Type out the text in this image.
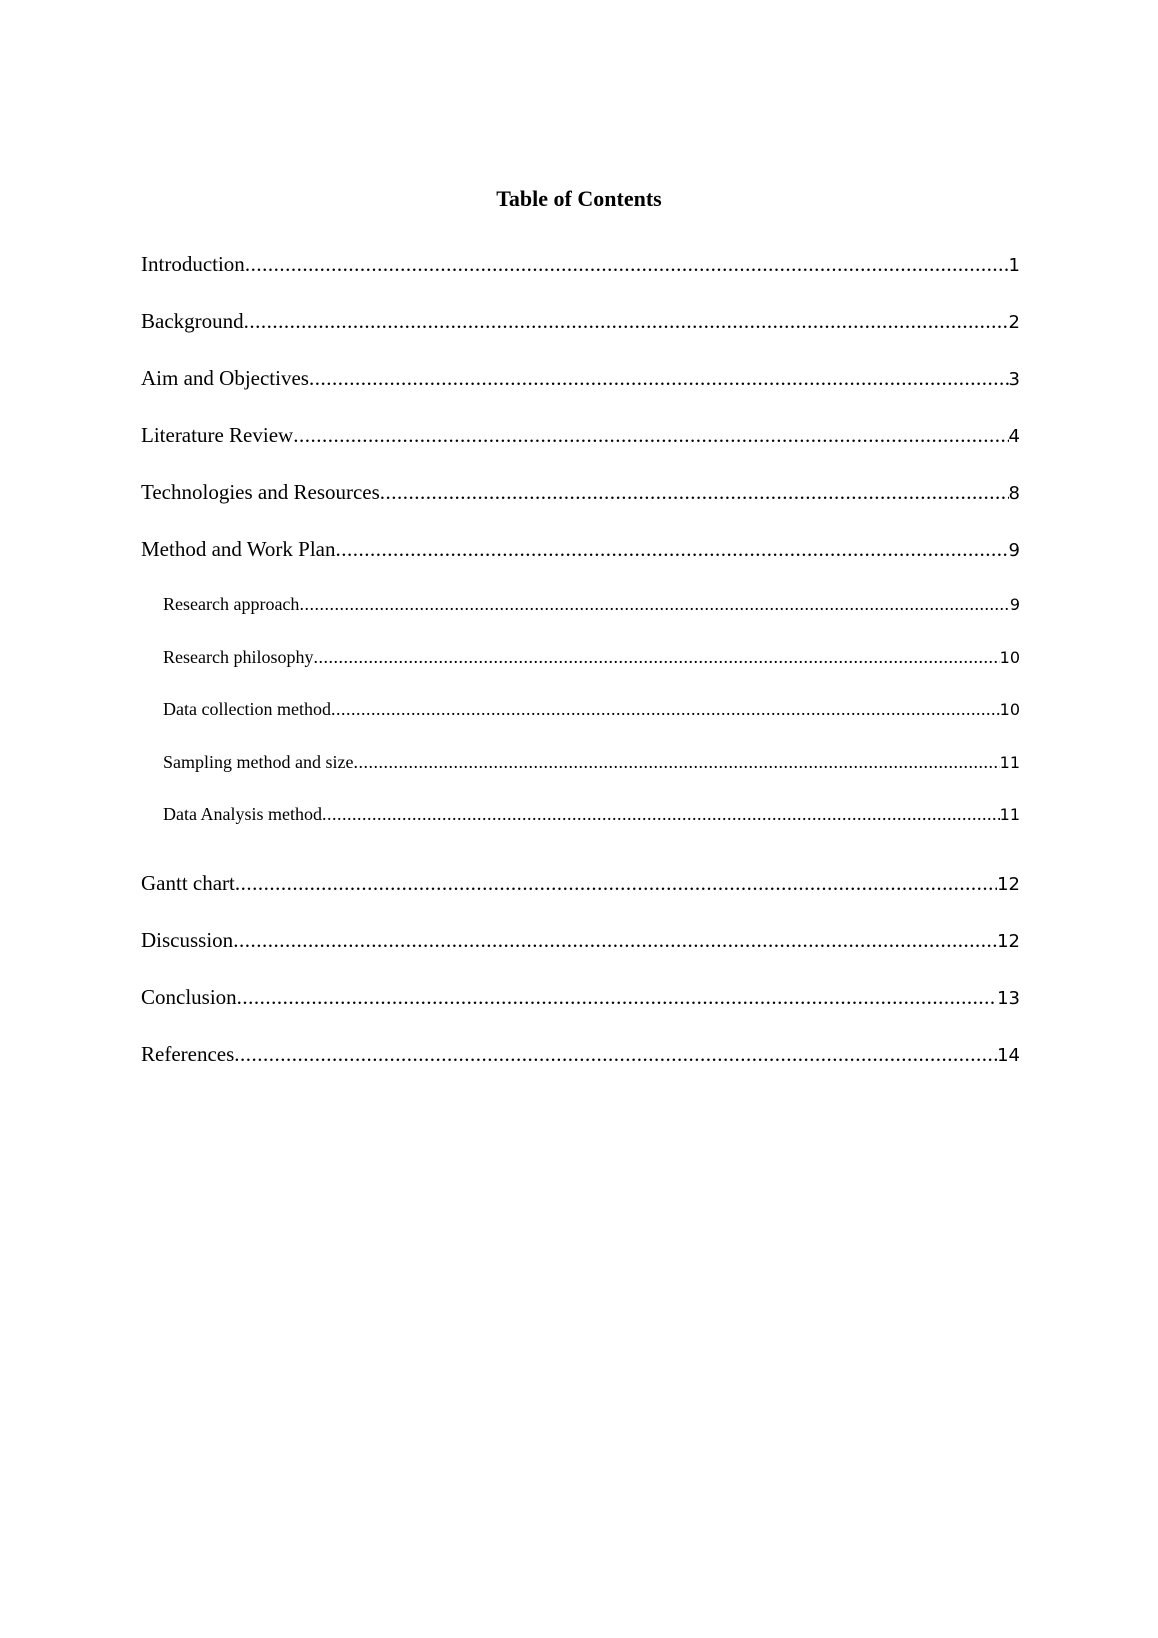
Table of Contents
Introduction .....	1
Background .....	2
Aim and Objectives .....	3
Literature Review .....	4
Technologies and Resources .....	8
Method and Work Plan .....	9
Research approach .....	9
Research philosophy .....	10
Data collection method .....	10
Sampling method and size .....	11
Data Analysis method .....	11
Gantt chart .....	12
Discussion .....	12
Conclusion .....	13
References .....	14
